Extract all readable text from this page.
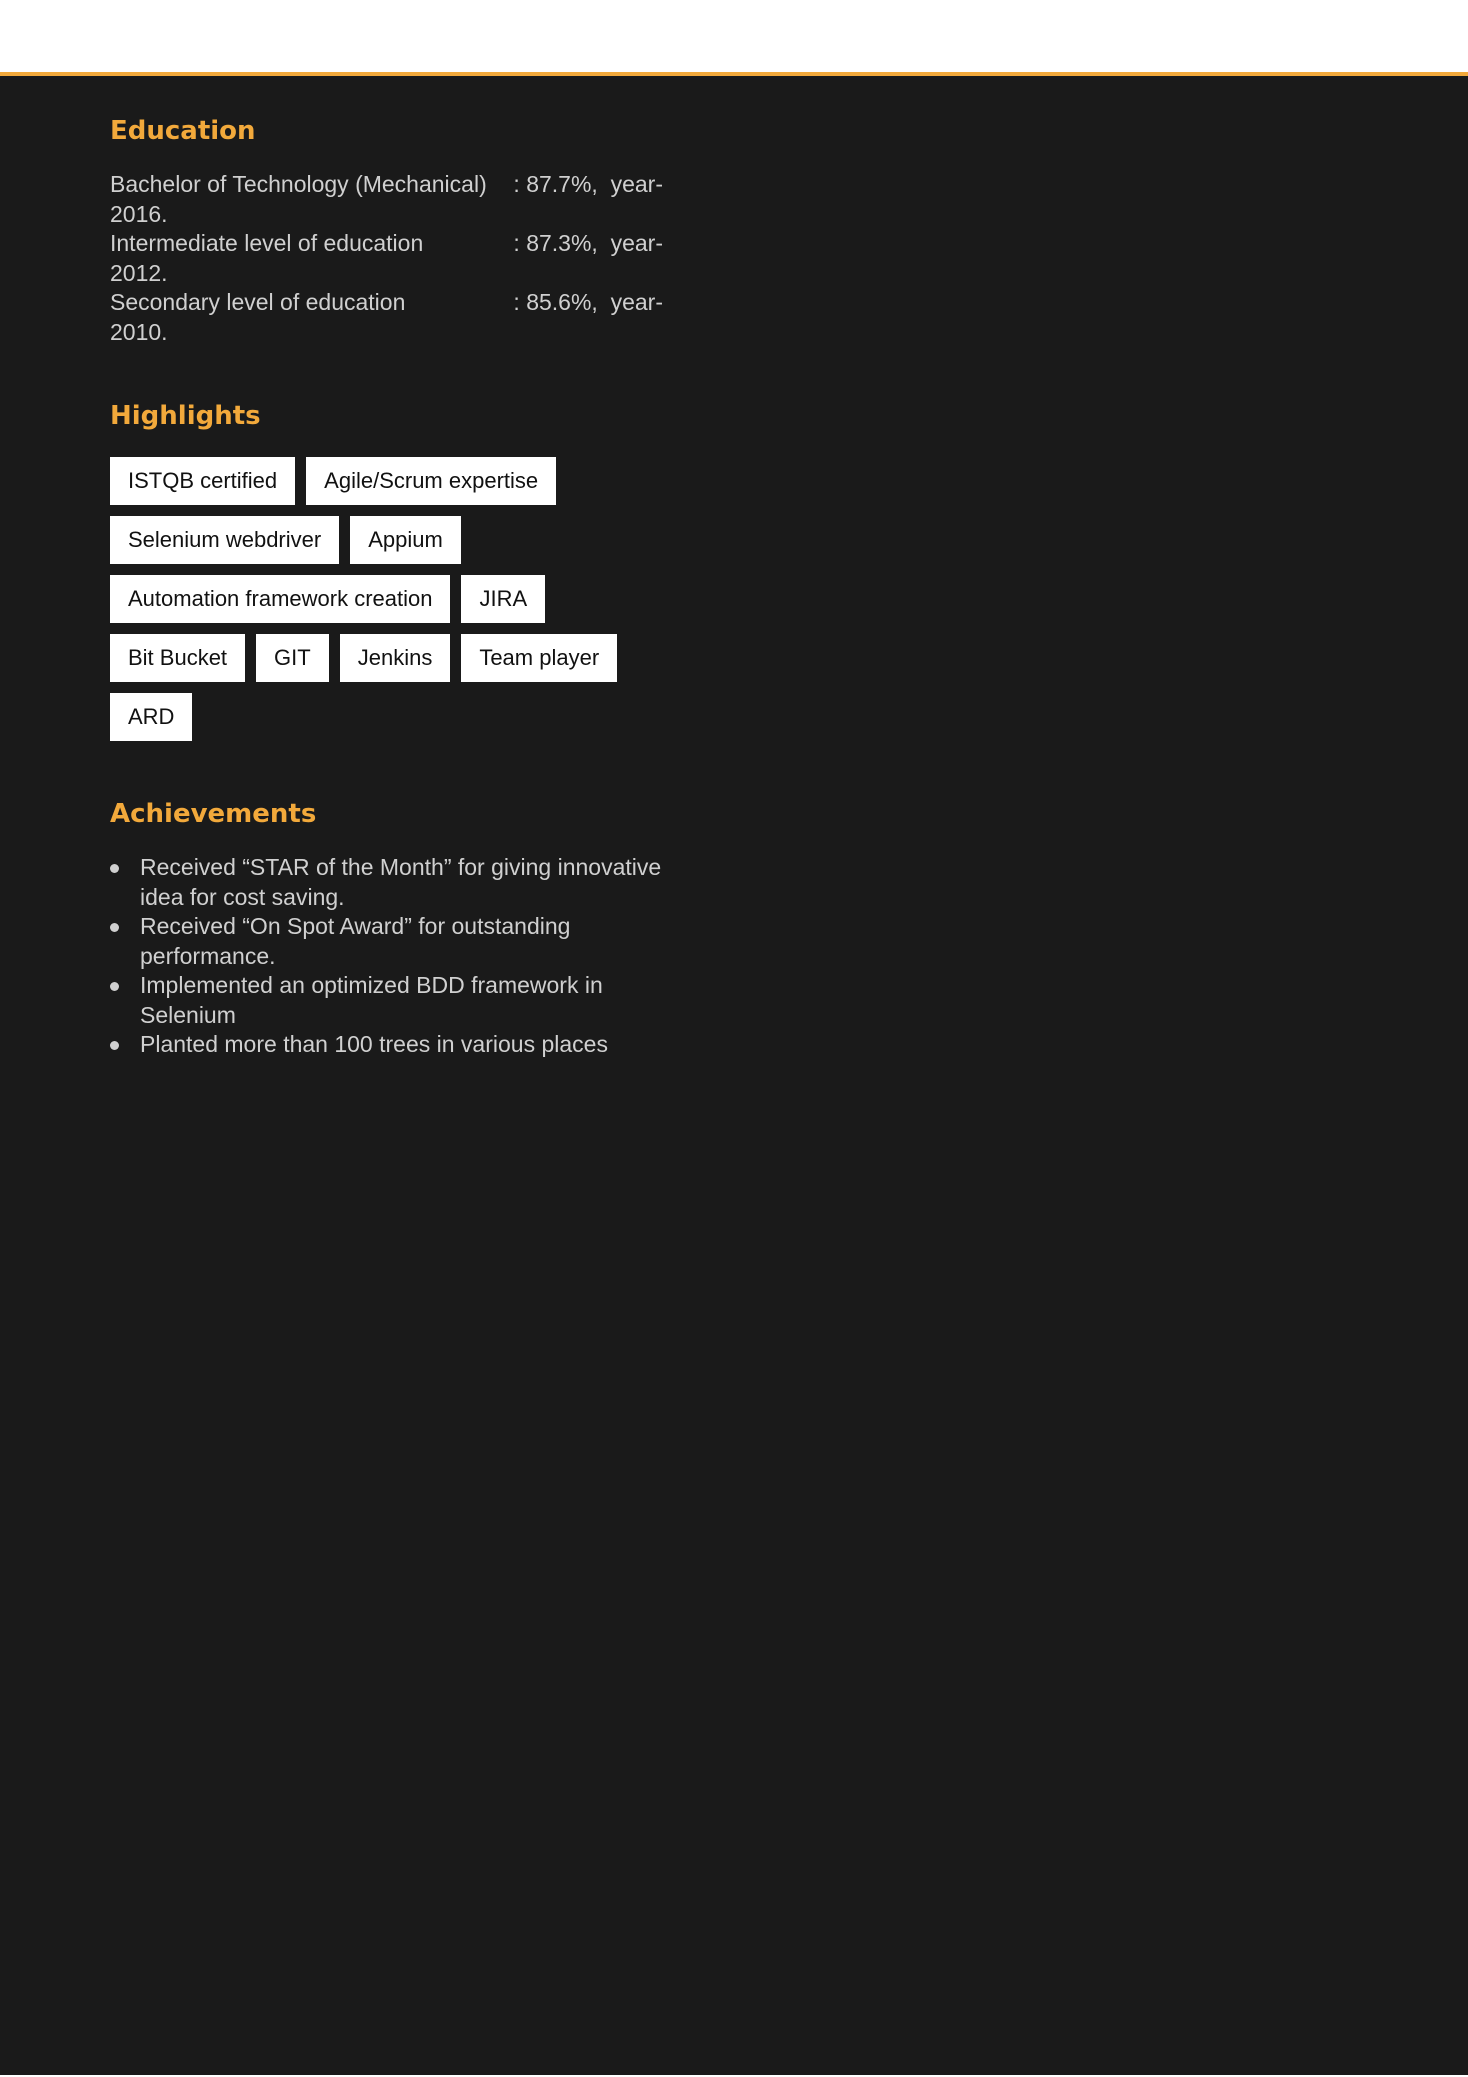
Education
Bachelor of Technology (Mechanical) : 87.7%,  year-
2016.
Intermediate level of education	: 87.3%,  year-
2012.
Secondary level of education	: 85.6%,  year-
2010.
Highlights
ISTQB certified	Agile/Scrum expertise
Selenium webdriver	Appium
Automation framework creation	JIRA
Bit Bucket	GIT	Jenkins	Team player
ARD
Achievements
Received “STAR of the Month” for giving innovative idea for cost saving.
Received “On Spot Award” for outstanding performance.
Implemented an optimized BDD framework in Selenium
Planted more than 100 trees in various places
